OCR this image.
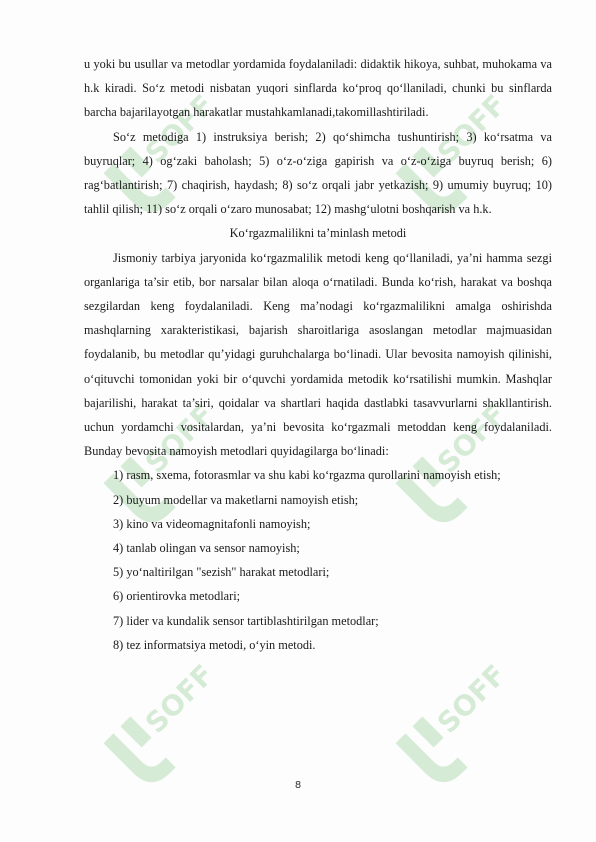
SOFF	SOFF
SOFF	SOFF
SOFF	SOFF

u yoki bu usullar va metodlar yordamida foydalaniladi: didaktik hikoya, suhbat, muhokama va h.k kiradi. So‘z metodi nisbatan yuqori sinflarda ko‘proq qo‘llaniladi, chunki bu sinflarda barcha bajarilayotgan harakatlar mustahkamlanadi,takomillashtiriladi.

So‘z metodiga 1) instruksiya berish; 2) qo‘shimcha tushuntirish; 3) ko‘rsatma va buyruqlar; 4) og‘zaki baholash; 5) o‘z-o‘ziga gapirish va o‘z-o‘ziga buyruq berish; 6) rag‘batlantirish; 7) chaqirish, haydash; 8) so‘z orqali jabr yetkazish; 9) umumiy buyruq; 10) tahlil qilish; 11) so‘z orqali o‘zaro munosabat; 12) mashg‘ulotni boshqarish va h.k.

Ko‘rgazmalilikni ta’minlash metodi

Jismoniy tarbiya jaryonida ko‘rgazmalilik metodi keng qo‘llaniladi, ya’ni hamma sezgi organlariga ta’sir etib, bor narsalar bilan aloqa o‘rnatiladi. Bunda ko‘rish, harakat va boshqa sezgilardan keng foydalaniladi. Keng ma’nodagi ko‘rgazmalilikni amalga oshirishda mashqlarning xarakteristikasi, bajarish sharoitlariga asoslangan metodlar majmuasidan foydalanib, bu metodlar qu’yidagi guruhchalarga bo‘linadi. Ular bevosita namoyish qilinishi, o‘qituvchi tomonidan yoki bir o‘quvchi yordamida metodik ko‘rsatilishi mumkin. Mashqlar bajarilishi, harakat ta’siri, qoidalar va shartlari haqida dastlabki tasavvurlarni shakllantirish. uchun yordamchi vositalardan, ya’ni bevosita ko‘rgazmali metoddan keng foydalaniladi. Bunday bevosita namoyish metodlari quyidagilarga bo‘linadi:

1) rasm, sxema, fotorasmlar va shu kabi ko‘rgazma qurollarini namoyish etish;

2) buyum modellar va maketlarni namoyish etish;

3) kino va videomagnitafonli namoyish;

4) tanlab olingan va sensor namoyish;

5) yo‘naltirilgan "sezish" harakat metodlari;

6) orientirovka metodlari;

7) lider va kundalik sensor tartiblashtirilgan metodlar;

8) tez informatsiya metodi, o‘yin metodi.

8
